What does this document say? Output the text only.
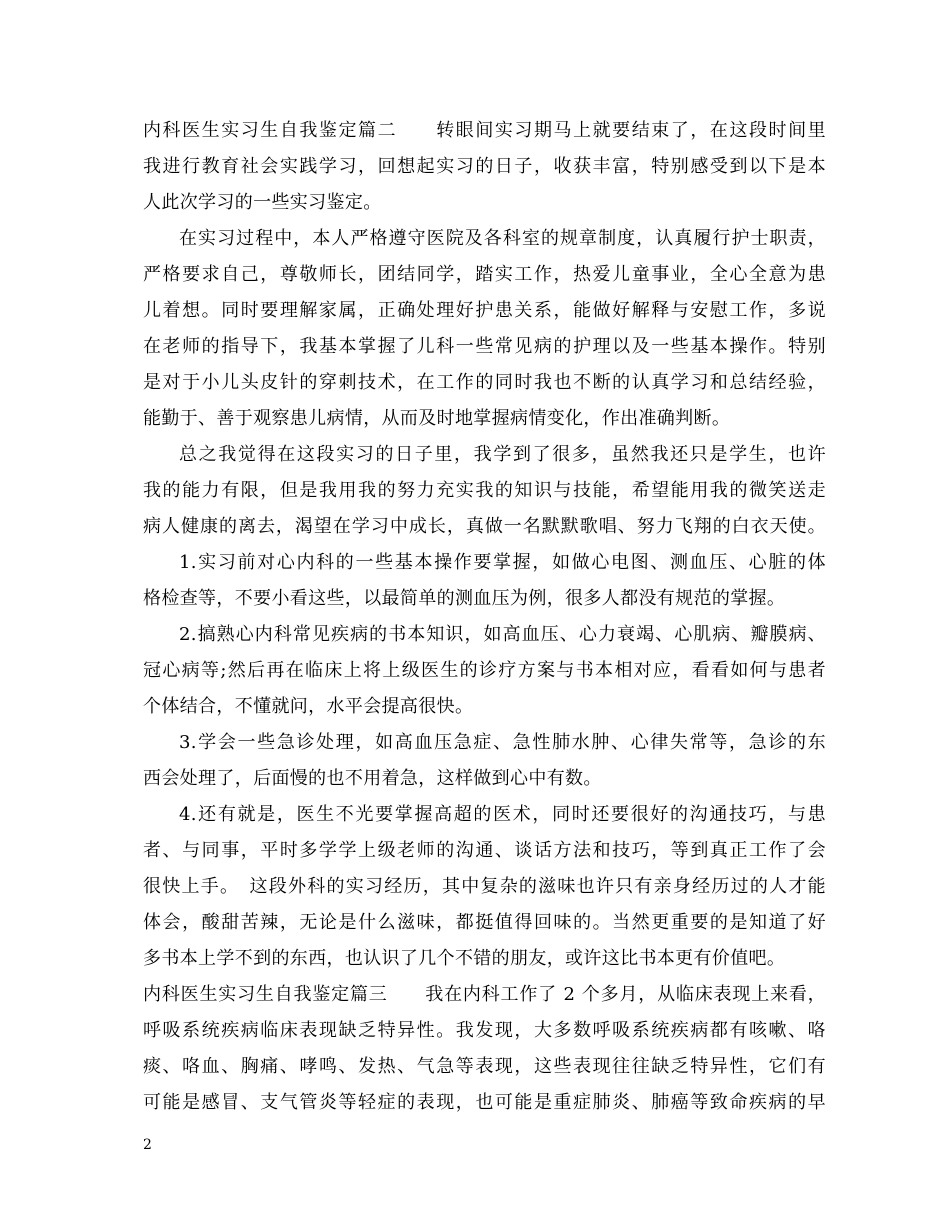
内科医生实习生自我鉴定篇二　　转眼间实习期马上就要结束了，在这段时间里
我进行教育社会实践学习，回想起实习的日子，收获丰富，特别感受到以下是本
人此次学习的一些实习鉴定。
在实习过程中，本人严格遵守医院及各科室的规章制度，认真履行护士职责，
严格要求自己，尊敬师长，团结同学，踏实工作，热爱儿童事业，全心全意为患
儿着想。同时要理解家属，正确处理好护患关系，能做好解释与安慰工作，多说
在老师的指导下，我基本掌握了儿科一些常见病的护理以及一些基本操作。特别
是对于小儿头皮针的穿刺技术，在工作的同时我也不断的认真学习和总结经验，
能勤于、善于观察患儿病情，从而及时地掌握病情变化，作出准确判断。
总之我觉得在这段实习的日子里，我学到了很多，虽然我还只是学生，也许
我的能力有限，但是我用我的努力充实我的知识与技能，希望能用我的微笑送走
病人健康的离去，渴望在学习中成长，真做一名默默歌唱、努力飞翔的白衣天使。
1.实习前对心内科的一些基本操作要掌握，如做心电图、测血压、心脏的体
格检查等，不要小看这些，以最简单的测血压为例，很多人都没有规范的掌握。
2.搞熟心内科常见疾病的书本知识，如高血压、心力衰竭、心肌病、瓣膜病、
冠心病等;然后再在临床上将上级医生的诊疗方案与书本相对应，看看如何与患者
个体结合，不懂就问，水平会提高很快。
3.学会一些急诊处理，如高血压急症、急性肺水肿、心律失常等，急诊的东
西会处理了，后面慢的也不用着急，这样做到心中有数。
4.还有就是，医生不光要掌握高超的医术，同时还要很好的沟通技巧，与患
者、与同事，平时多学学上级老师的沟通、谈话方法和技巧，等到真正工作了会
很快上手。　这段外科的实习经历，其中复杂的滋味也许只有亲身经历过的人才能
体会，酸甜苦辣，无论是什么滋味，都挺值得回味的。当然更重要的是知道了好
多书本上学不到的东西，也认识了几个不错的朋友，或许这比书本更有价值吧。
内科医生实习生自我鉴定篇三　　我在内科工作了 2 个多月，从临床表现上来看，
呼吸系统疾病临床表现缺乏特异性。我发现，大多数呼吸系统疾病都有咳嗽、咯
痰、咯血、胸痛、哮鸣、发热、气急等表现，这些表现往往缺乏特异性，它们有
可能是感冒、支气管炎等轻症的表现，也可能是重症肺炎、肺癌等致命疾病的早
2
